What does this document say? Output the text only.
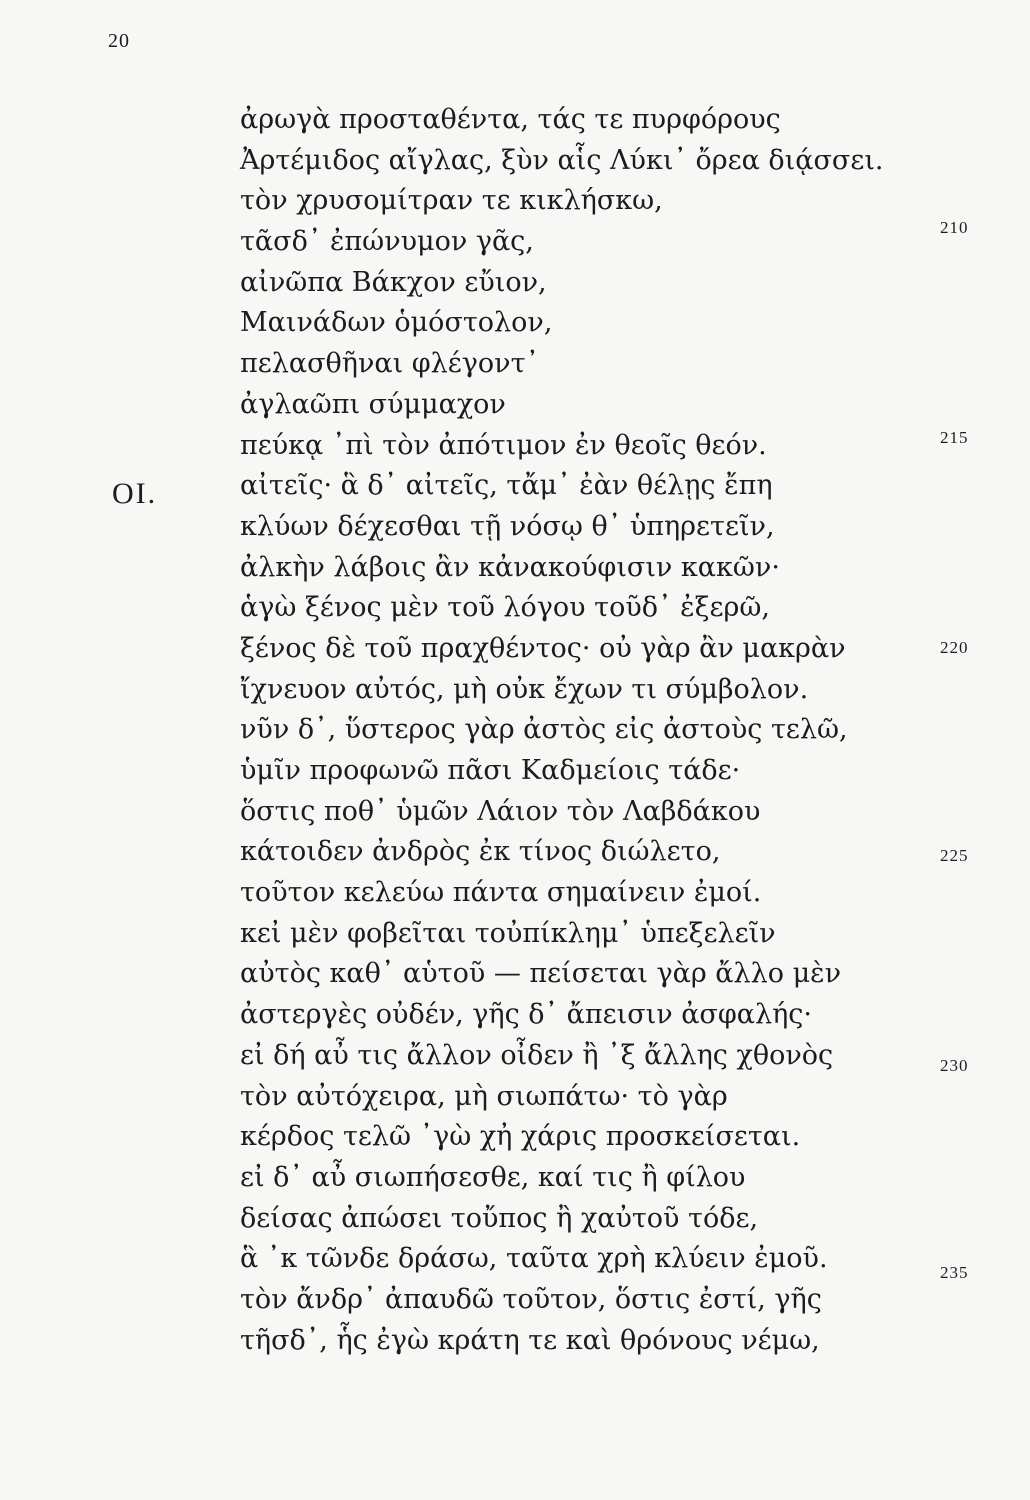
20
ΟΙ.
ἀρωγὰ προσταθέντα, τάς τε πυρφόρους
Ἀρτέμιδος αἴγλας, ξὺν αἷς Λύκι᾽ ὄρεα διᾴσσει.
τὸν χρυσομίτραν τε κικλήσκω,
τᾶσδ᾽ ἐπώνυμον γᾶς,
αἰνῶπα Βάκχον εὔιον,
Μαινάδων ὁμόστολον,
πελασθῆναι φλέγοντ᾽
ἀγλαῶπι σύμμαχον
πεύκᾳ ᾽πὶ τὸν ἀπότιμον ἐν θεοῖς θεόν.
αἰτεῖς· ἃ δ᾽ αἰτεῖς, τἄμ᾽ ἐὰν θέλῃς ἔπη
κλύων δέχεσθαι τῇ νόσῳ θ᾽ ὑπηρετεῖν,
ἀλκὴν λάβοις ἂν κἀνακούφισιν κακῶν·
ἁγὼ ξένος μὲν τοῦ λόγου τοῦδ᾽ ἐξερῶ,
ξένος δὲ τοῦ πραχθέντος· οὐ γὰρ ἂν μακρὰν
ἴχνευον αὐτός, μὴ οὐκ ἔχων τι σύμβολον.
νῦν δ᾽, ὕστερος γὰρ ἀστὸς εἰς ἀστοὺς τελῶ,
ὑμῖν προφωνῶ πᾶσι Καδμείοις τάδε·
ὅστις ποθ᾽ ὑμῶν Λάιον τὸν Λαβδάκου
κάτοιδεν ἀνδρὸς ἐκ τίνος διώλετο,
τοῦτον κελεύω πάντα σημαίνειν ἐμοί.
κεἰ μὲν φοβεῖται τοὐπίκλημ᾽ ὑπεξελεῖν
αὐτὸς καθ᾽ αὑτοῦ — πείσεται γὰρ ἄλλο μὲν
ἀστεργὲς οὐδέν, γῆς δ᾽ ἄπεισιν ἀσφαλής·
εἰ δή αὖ τις ἄλλον οἶδεν ἢ ᾽ξ ἄλλης χθονὸς
τὸν αὐτόχειρα, μὴ σιωπάτω· τὸ γὰρ
κέρδος τελῶ ᾽γὼ χἠ χάρις προσκείσεται.
εἰ δ᾽ αὖ σιωπήσεσθε, καί τις ἢ φίλου
δείσας ἀπώσει τοὔπος ἢ χαὐτοῦ τόδε,
ἃ ᾽κ τῶνδε δράσω, ταῦτα χρὴ κλύειν ἐμοῦ.
τὸν ἄνδρ᾽ ἀπαυδῶ τοῦτον, ὅστις ἐστί, γῆς
τῆσδ᾽, ἧς ἐγὼ κράτη τε καὶ θρόνους νέμω,
210
215
220
225
230
235
